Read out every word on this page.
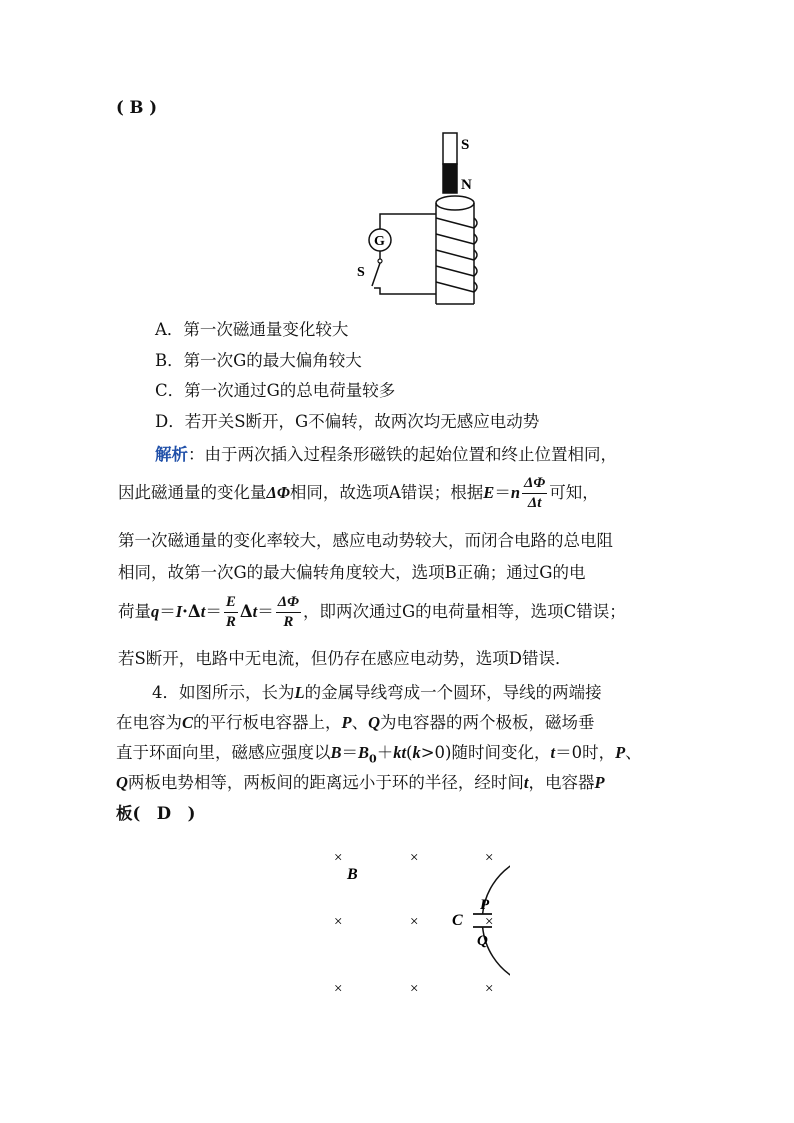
( B )
S
N
G
S
A．第一次磁通量变化较大
B．第一次G的最大偏角较大
C．第一次通过G的总电荷量较多
D．若开关S断开，G不偏转，故两次均无感应电动势
解析：由于两次插入过程条形磁铁的起始位置和终止位置相同，
因此磁通量的变化量ΔΦ相同，故选项A错误；根据$E=n \frac{\Delta\Phi}{\Delta t}$ 可知，
第一次磁通量的变化率较大，感应电动势较大，而闭合电路的总电阻
相同，故第一次G的最大偏转角度较大，选项B正确；通过G的电
荷量$q=I\cdot\Delta t= \frac{E}{R} \Delta t= \frac{\Delta\Phi}{R}$ ，即两次通过G的电荷量相等，选项C错误；
若S断开，电路中无电流，但仍存在感应电动势，选项D错误．
4．如图所示，长为L的金属导线弯成一个圆环，导线的两端接
在电容为C的平行板电容器上，P、Q为电容器的两个极板，磁场垂
直于环面向里，磁感应强度以$B=B_0+kt(k>0)$随时间变化，t＝0时，P、
Q两板电势相等，两板间的距离远小于环的半径，经时间t，电容器P
板(　D　)
×	×	×
×	×	×
×	×	×
B
C
P
Q
